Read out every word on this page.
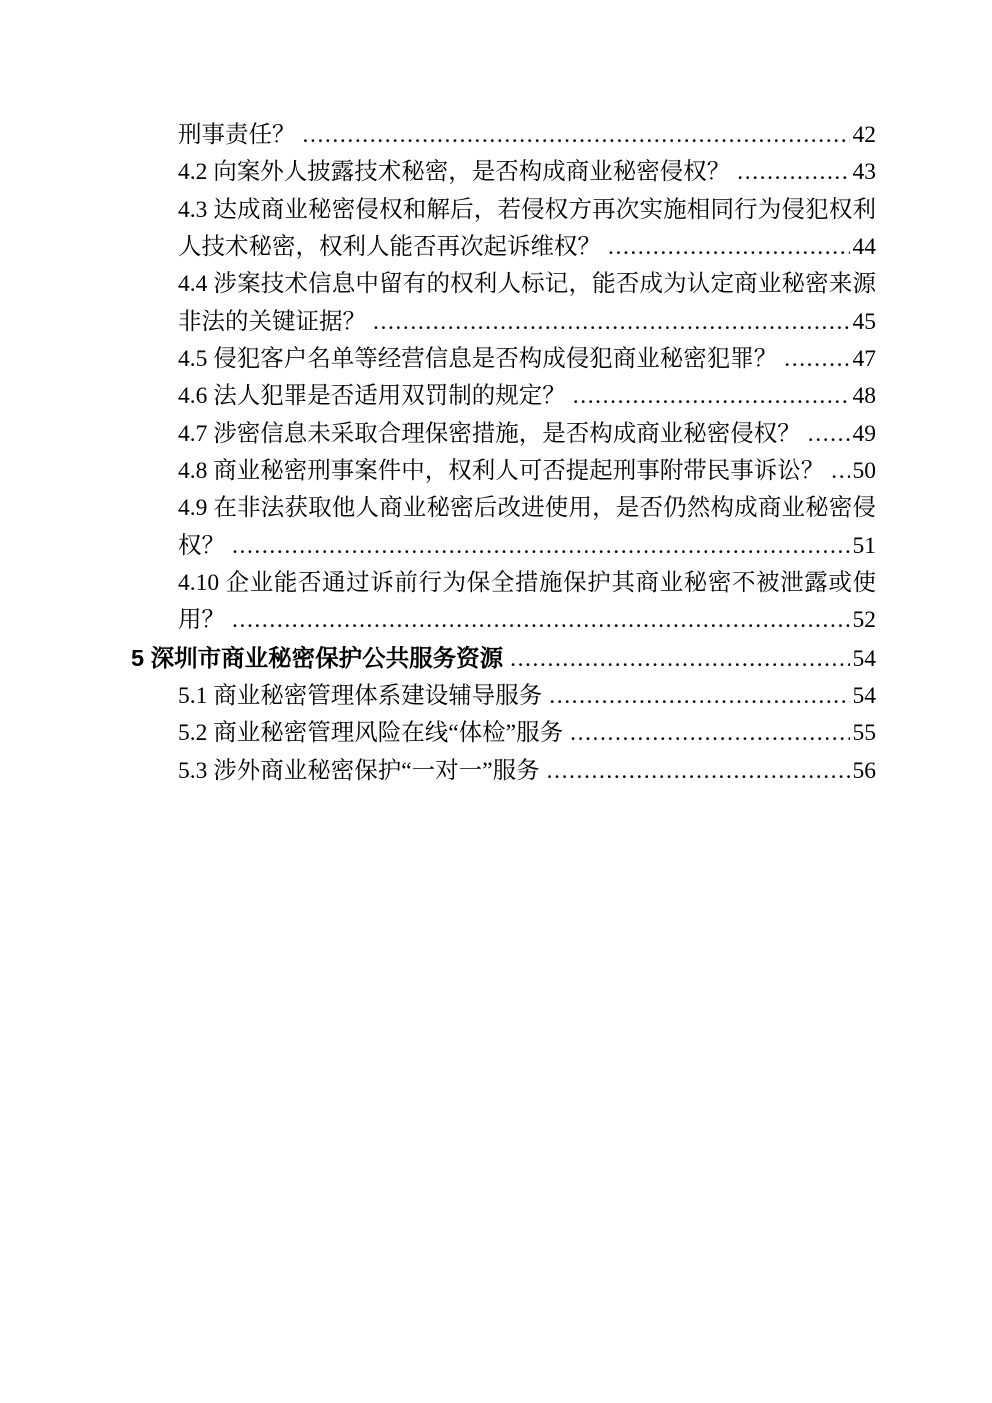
刑事责任？ .....	42
4.2 向案外人披露技术秘密，是否构成商业秘密侵权？ .....	43
4.3 达成商业秘密侵权和解后，若侵权方再次实施相同行为侵犯权利
人技术秘密，权利人能否再次起诉维权？ .....	44
4.4 涉案技术信息中留有的权利人标记，能否成为认定商业秘密来源
非法的关键证据？ .....	45
4.5 侵犯客户名单等经营信息是否构成侵犯商业秘密犯罪？ .....	47
4.6 法人犯罪是否适用双罚制的规定？ .....	48
4.7 涉密信息未采取合理保密措施，是否构成商业秘密侵权？ ..... 49
4.8 商业秘密刑事案件中，权利人可否提起刑事附带民事诉讼？ ..... 50
4.9 在非法获取他人商业秘密后改进使用，是否仍然构成商业秘密侵
权？ .....	51
4.10 企业能否通过诉前行为保全措施保护其商业秘密不被泄露或使
用？ .....	52
5 深圳市商业秘密保护公共服务资源 .....	54
5.1 商业秘密管理体系建设辅导服务 .....	54
5.2 商业秘密管理风险在线“体检”服务 .....	55
5.3 涉外商业秘密保护“一对一”服务 .....	56
